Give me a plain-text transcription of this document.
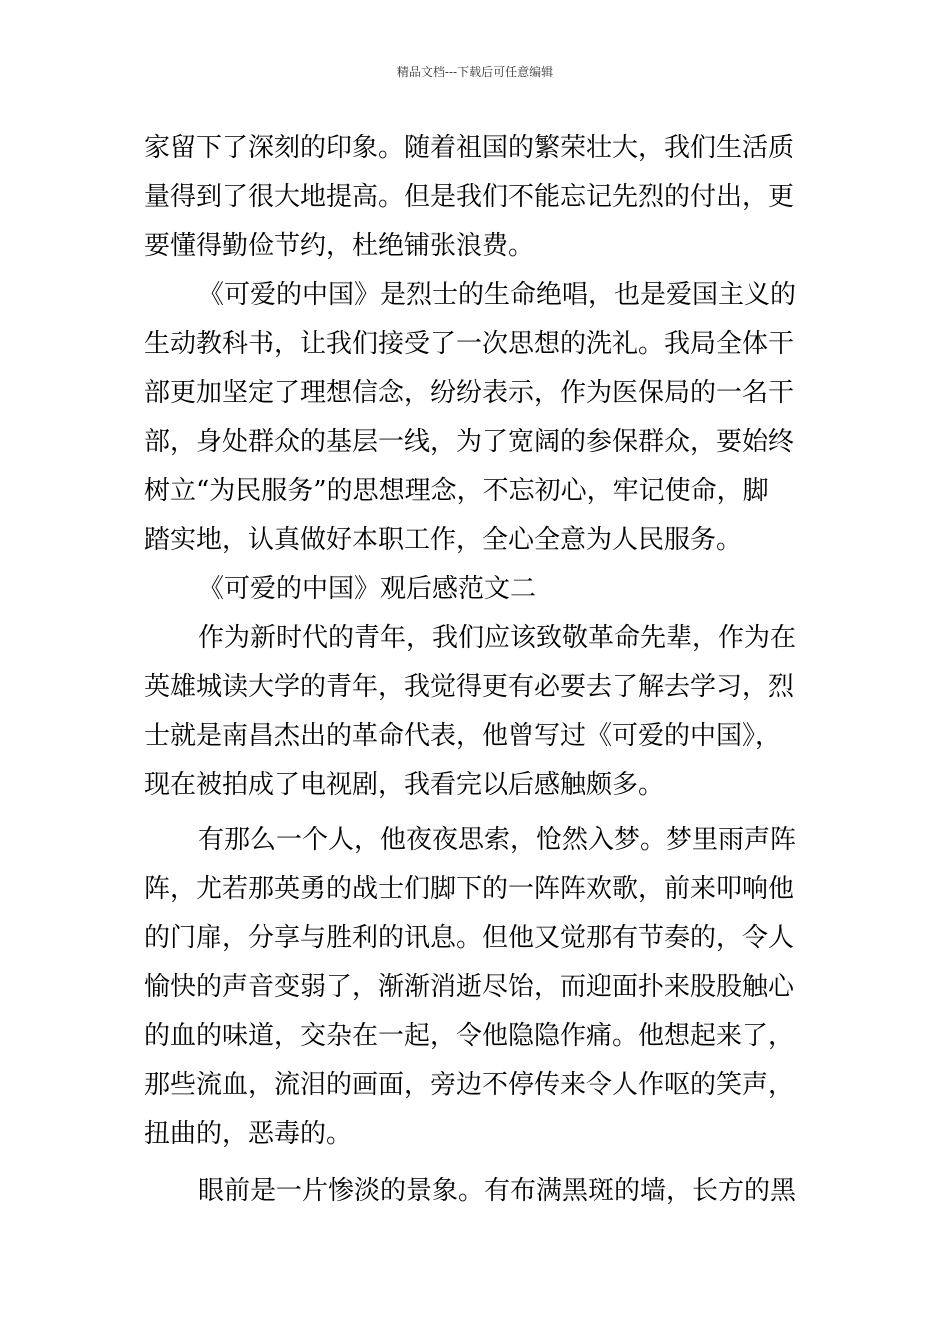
精品文档---下载后可任意编辑
家留下了深刻的印象。随着祖国的繁荣壮大，我们生活质
量得到了很大地提高。但是我们不能忘记先烈的付出，更
要懂得勤俭节约，杜绝铺张浪费。
《可爱的中国》是烈士的生命绝唱，也是爱国主义的
生动教科书，让我们接受了一次思想的洗礼。我局全体干
部更加坚定了理想信念，纷纷表示，作为医保局的一名干
部，身处群众的基层一线，为了宽阔的参保群众，要始终
树立“为民服务”的思想理念，不忘初心，牢记使命，脚
踏实地，认真做好本职工作，全心全意为人民服务。
《可爱的中国》观后感范文二
作为新时代的青年，我们应该致敬革命先辈，作为在
英雄城读大学的青年，我觉得更有必要去了解去学习，烈
士就是南昌杰出的革命代表，他曾写过《可爱的中国》，
现在被拍成了电视剧，我看完以后感触颇多。
有那么一个人，他夜夜思索，怆然入梦。梦里雨声阵
阵，尤若那英勇的战士们脚下的一阵阵欢歌，前来叩响他
的门扉，分享与胜利的讯息。但他又觉那有节奏的，令人
愉快的声音变弱了，渐渐消逝尽饴，而迎面扑来股股触心
的血的味道，交杂在一起，令他隐隐作痛。他想起来了，
那些流血，流泪的画面，旁边不停传来令人作呕的笑声，
扭曲的，恶毒的。
眼前是一片惨淡的景象。有布满黑斑的墙，长方的黑
